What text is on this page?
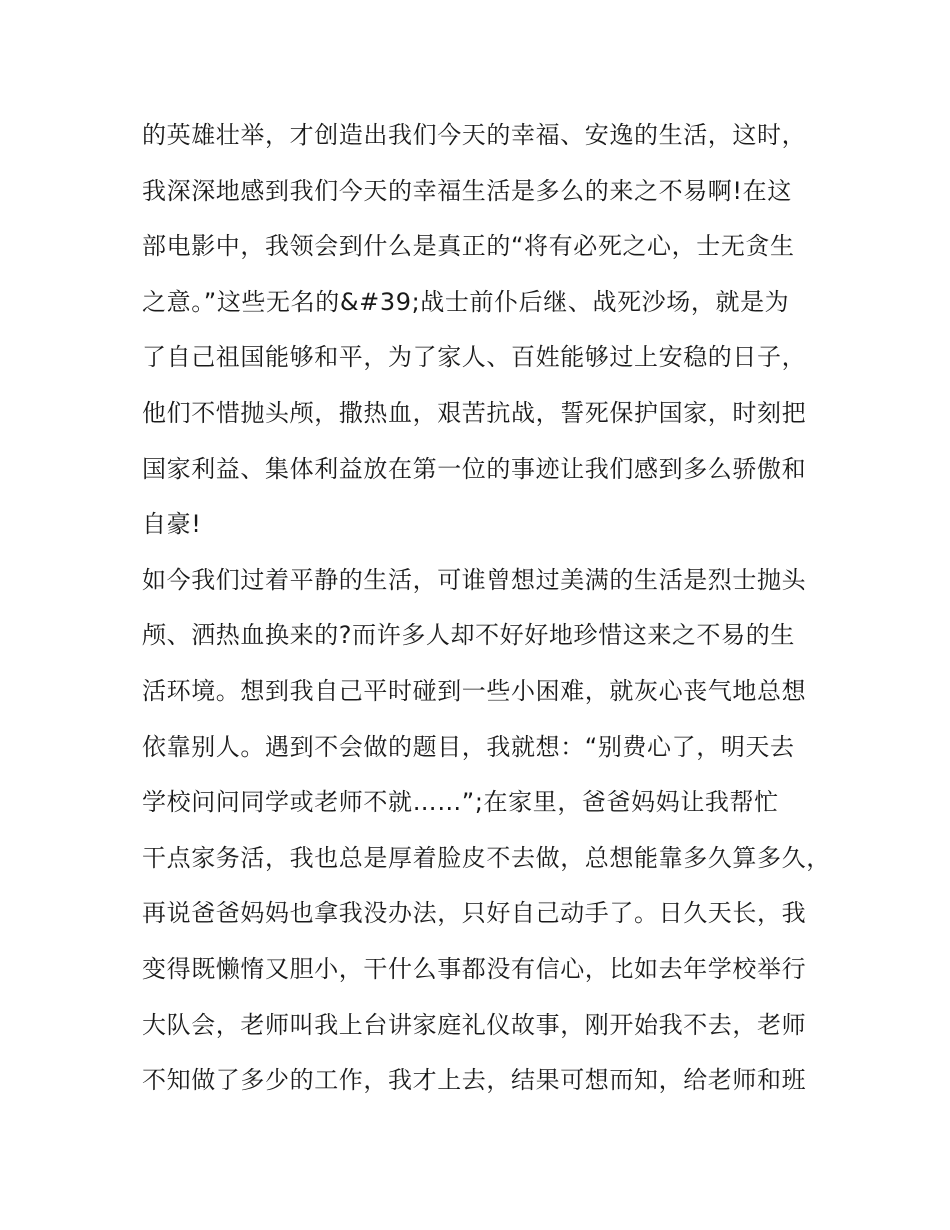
的英雄壮举，才创造出我们今天的幸福、安逸的生活，这时，
我深深地感到我们今天的幸福生活是多么的来之不易啊!在这
部电影中，我领会到什么是真正的“将有必死之心，士无贪生
之意。”这些无名的&#39;战士前仆后继、战死沙场，就是为
了自己祖国能够和平，为了家人、百姓能够过上安稳的日子，
他们不惜抛头颅，撒热血，艰苦抗战，誓死保护国家，时刻把
国家利益、集体利益放在第一位的事迹让我们感到多么骄傲和
自豪!
如今我们过着平静的生活，可谁曾想过美满的生活是烈士抛头
颅、洒热血换来的?而许多人却不好好地珍惜这来之不易的生
活环境。想到我自己平时碰到一些小困难，就灰心丧气地总想
依靠别人。遇到不会做的题目，我就想：“别费心了，明天去
学校问问同学或老师不就……”;在家里，爸爸妈妈让我帮忙
干点家务活，我也总是厚着脸皮不去做，总想能靠多久算多久，
再说爸爸妈妈也拿我没办法，只好自己动手了。日久天长，我
变得既懒惰又胆小，干什么事都没有信心，比如去年学校举行
大队会，老师叫我上台讲家庭礼仪故事，刚开始我不去，老师
不知做了多少的工作，我才上去，结果可想而知，给老师和班
